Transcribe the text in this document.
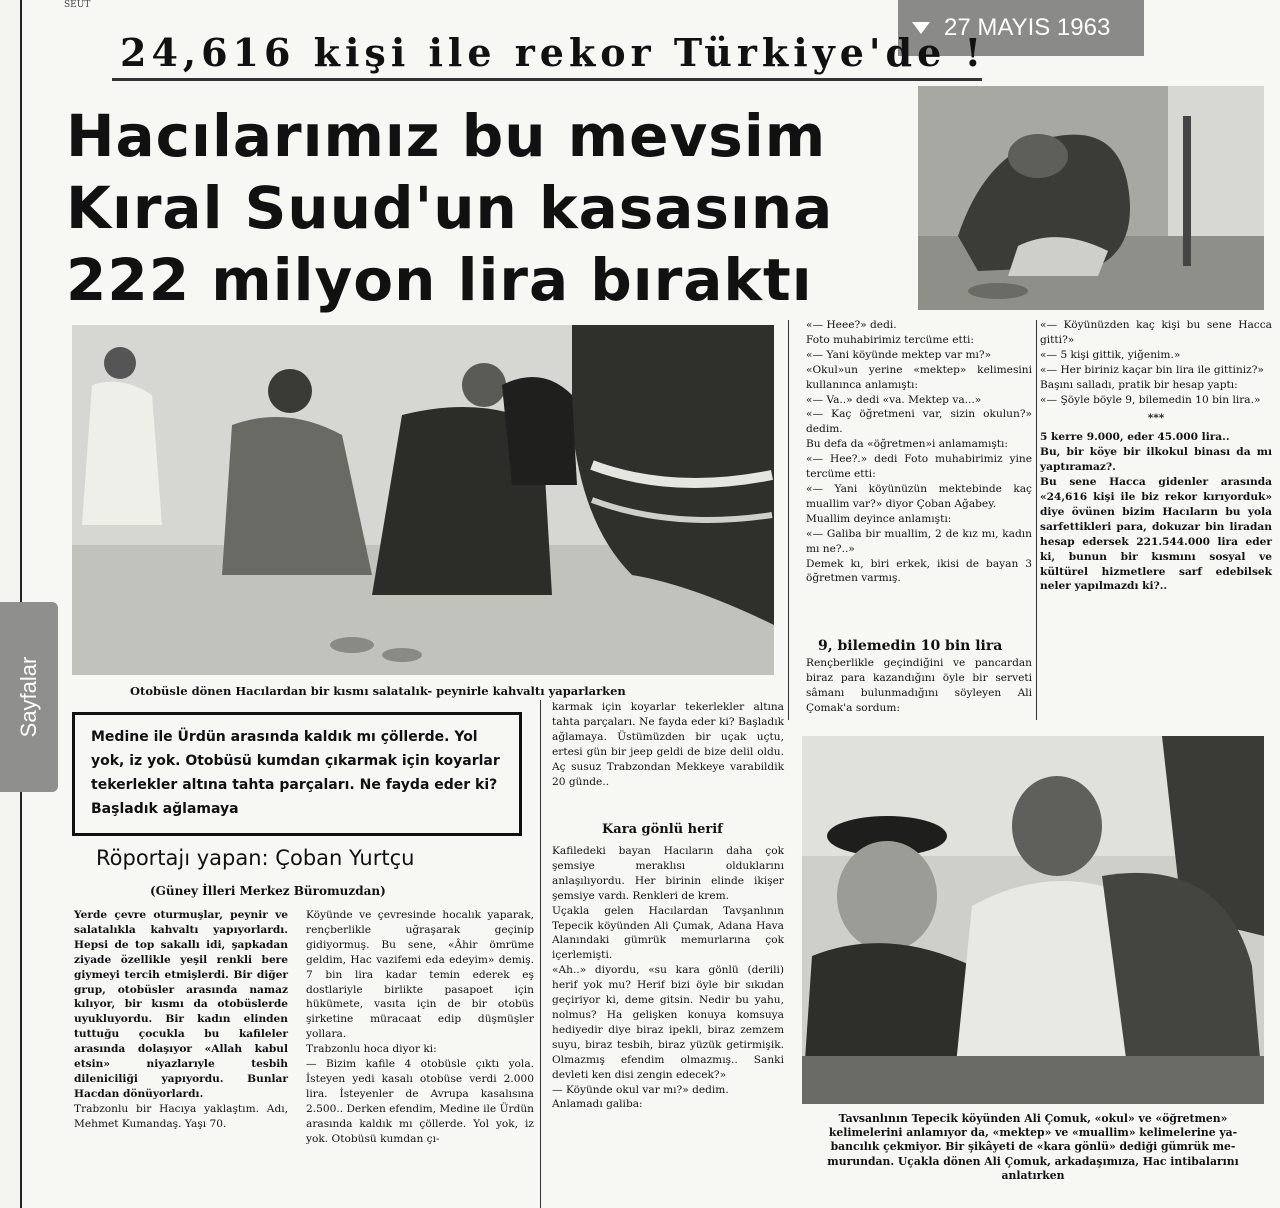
SEUT
27 MAYIS 1963
Sayfalar
24,616 kişi ile rekor Türkiye'de !
Hacılarımız bu mevsim
Kıral Suud'un kasasına
222 milyon lira bıraktı
Otobüsle dönen Hacılardan bir kısmı salatalık- peynirle kahvaltı yaparlarken
Medine ile Ürdün arasında kaldık mı çöllerde. Yol yok, iz yok. Otobüsü kumdan çıkarmak için koyarlar tekerlekler altına tahta parçaları. Ne fayda eder ki? Başladık ağlamaya
Röportajı yapan: Çoban Yurtçu
(Güney İlleri Merkez Büromuzdan)

Yerde çevre oturmuşlar, peynir ve salatalıkla kahvaltı yapıyorlardı. Hepsi de top sakallı idi, şapkadan ziyade özellikle yeşil renkli bere giymeyi tercih etmişlerdi. Bir diğer grup, otobüsler arasında namaz kılıyor, bir kısmı da otobüslerde uyukluyordu. Bir kadın elinden tuttuğu çocukla bu kafileler arasında dolaşıyor «Allah kabul etsin» niyazlarıyle tesbih dileniciliği yapıyordu. Bunlar Hacdan dönüyorlardı.

Trabzonlu bir Hacıya yaklaştım. Adı, Mehmet Kumandaş. Yaşı 70.

Köyünde ve çevresinde hocalık yaparak, rençberlikle uğraşarak geçinip gidiyormuş. Bu sene, «Âhir ömrüme geldim, Hac vazifemi eda edeyim» demiş. 7 bin lira kadar temin ederek eş dostlariyle birlikte pasapoet için hükümete, vasıta için de bir otobüs şirketine müracaat edip düşmüşler yollara.

Trabzonlu hoca diyor ki:

— Bizim kafile 4 otobüsle çıktı yola. İsteyen yedi kasalı otobüse verdi 2.000 lira. İsteyenler de Avrupa kasalısına 2.500.. Derken efendim, Medine ile Ürdün arasında kaldık mı çöllerde. Yol yok, iz yok. Otobüsü kumdan çı-

karmak için koyarlar tekerlekler altına tahta parçaları. Ne fayda eder ki? Başladık ağlamaya. Üstümüzden bir uçak uçtu, ertesi gün bir jeep geldi de bize delil oldu. Aç susuz Trabzondan Mekkeye varabildik 20 günde..

Kara gönlü herif

Kafiledeki bayan Hacıların daha çok şemsiye meraklısı olduklarını anlaşılıyordu. Her birinin elinde ikişer şemsiye vardı. Renkleri de krem.

Uçakla gelen Hacılardan Tavşanlının Tepecik köyünden Ali Çumak, Adana Hava Alanındaki gümrük memurlarına çok içerlemişti.

«Ah..» diyordu, «su kara gönlü (derili) herif yok mu? Herif bizi öyle bir sıkıdan geçiriyor ki, deme gitsin. Nedir bu yahu, nolmus? Ha gelişken konuya komsuya hediyedir diye biraz ipekli, biraz zemzem suyu, biraz tesbih, biraz yüzük getirmişik. Olmazmış efendim olmazmış.. Sanki devleti ken disi zengin edecek?»

— Köyünde okul var mı?» dedim.

Anlamadı galiba:

«— Heee?» dedi.

Foto muhabirimiz tercüme etti:

«— Yani köyünde mektep var mı?»

«Okul»un yerine «mektep» kelimesini kullanınca anlamıştı:

«— Va..» dedi «va. Mektep va...»

«— Kaç öğretmeni var, sizin okulun?» dedim.

Bu defa da «öğretmen»i anlamamıştı:

«— Hee?.» dedi Foto muhabirimiz yine tercüme etti:

«— Yani köyünüzün mektebinde kaç muallim var?» diyor Çoban Ağabey.

Muallim deyince anlamıştı:

«— Galiba bir muallim, 2 de kız mı, kadın mı ne?..»

Demek kı, biri erkek, ikisi de bayan 3 öğretmen varmış.

9, bilemedin 10 bin lira

Rençberlikle geçindiğini ve pancardan biraz para kazandığını öyle bir serveti sâmanı bulunmadığını söyleyen Ali Çomak'a sordum:

«— Köyünüzden kaç kişi bu sene Hacca gitti?»

«— 5 kişi gittik, yiğenim.»

«— Her biriniz kaçar bin lira ile gittiniz?»

Başını salladı, pratik bir hesap yaptı:

«— Şöyle böyle 9, bilemedin 10 bin lira.»

***

5 kerre 9.000, eder 45.000 lira..

Bu, bir köye bir ilkokul binası da mı yaptıramaz?.

Bu sene Hacca gidenler arasında «24,616 kişi ile biz rekor kırıyorduk» diye övünen bizim Hacıların bu yola sarfettikleri para, dokuzar bin liradan hesap edersek 221.544.000 lira eder ki, bunun bir kısmını sosyal ve kültürel hizmetlere sarf edebilsek neler yapılmazdı ki?..

Tavsanlının Tepecik köyünden Ali Çomuk, «okul» ve «öğretmen»
kelimelerini anlamıyor da, «mektep» ve «muallim» kelimelerine ya-
bancılık çekmiyor. Bir şikâyeti de «kara gönlü» dediği gümrük me-
murundan. Uçakla dönen Ali Çomuk, arkadaşımıza, Hac intibalarını
anlatırken
